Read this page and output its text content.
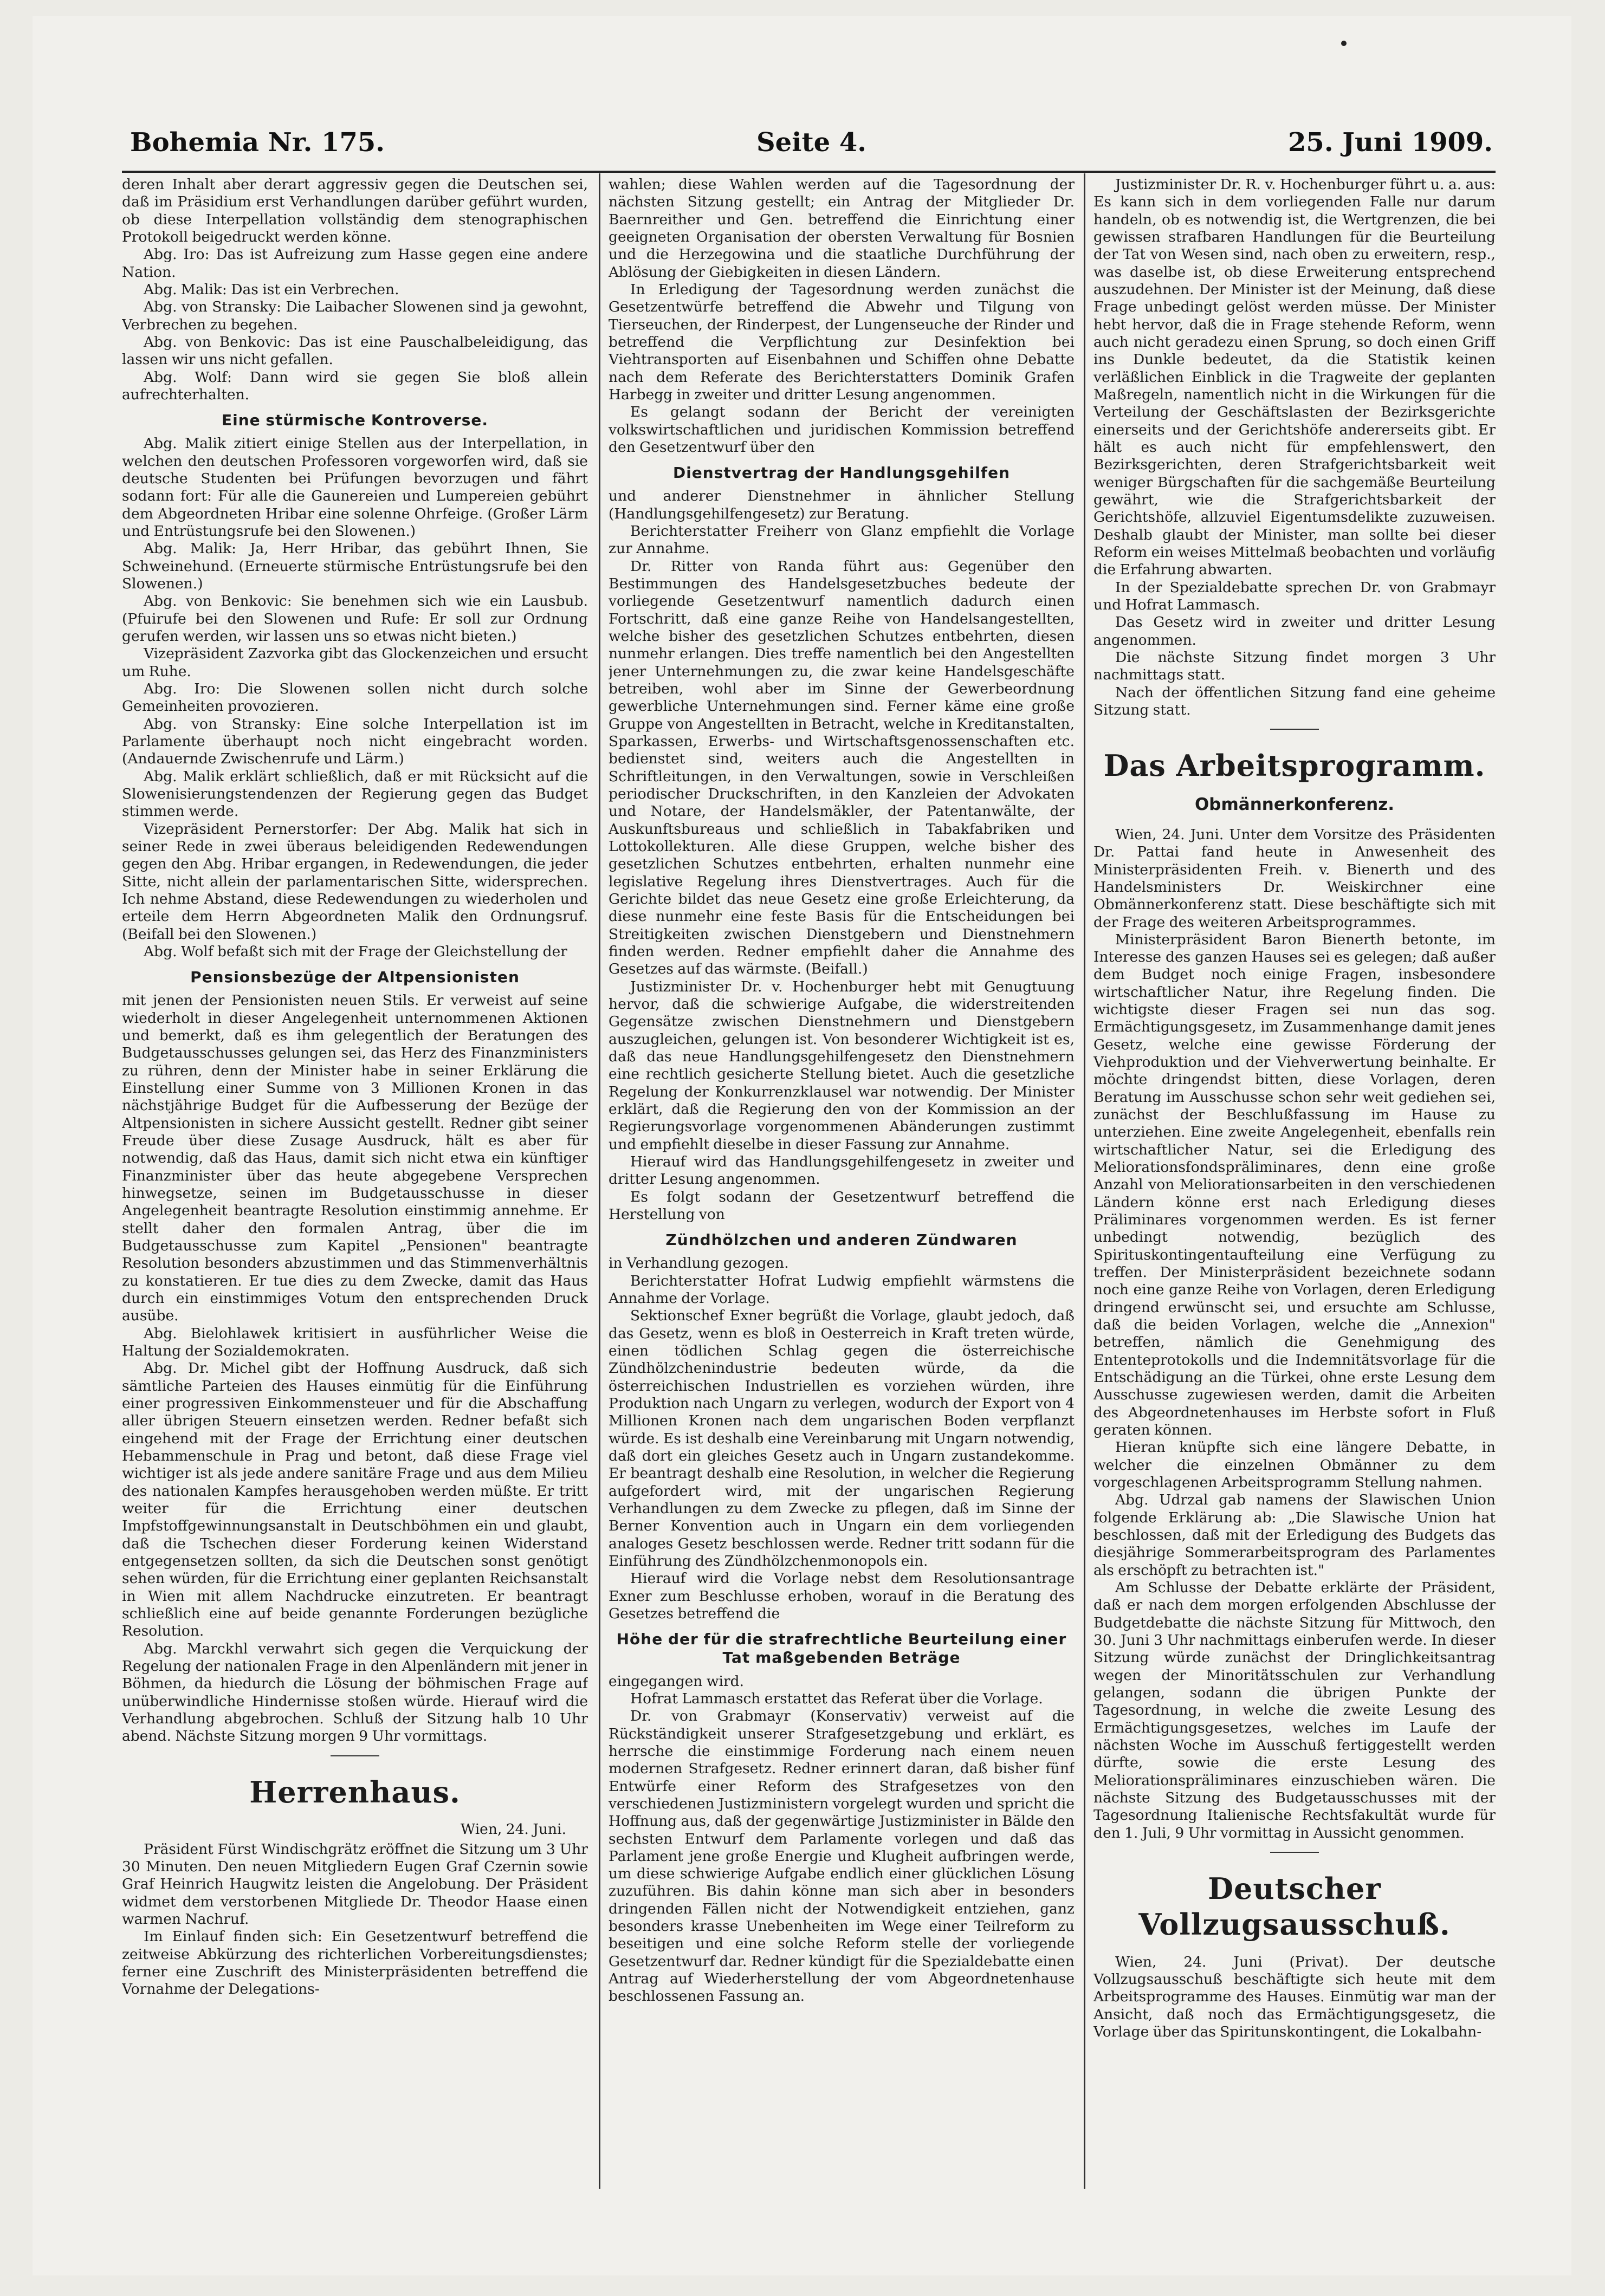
Bohemia Nr. 175.	Seite 4.	25. Juni 1909.

deren Inhalt aber derart aggressiv gegen die Deutschen sei, daß im Präsidium erst Verhandlungen darüber geführt wurden, ob diese Interpellation vollständig dem stenographischen Protokoll beigedruckt werden könne.

Abg. Iro: Das ist Aufreizung zum Hasse gegen eine andere Nation.

Abg. Malik: Das ist ein Verbrechen.

Abg. von Stransky: Die Laibacher Slowenen sind ja gewohnt, Verbrechen zu begehen.

Abg. von Benkovic: Das ist eine Pauschalbeleidigung, das lassen wir uns nicht gefallen.

Abg. Wolf: Dann wird sie gegen Sie bloß allein aufrechterhalten.

Eine stürmische Kontroverse.

Abg. Malik zitiert einige Stellen aus der Interpellation, in welchen den deutschen Professoren vorgeworfen wird, daß sie deutsche Studenten bei Prüfungen bevorzugen und fährt sodann fort: Für alle die Gaunereien und Lumpereien gebührt dem Abgeordneten Hribar eine solenne Ohrfeige. (Großer Lärm und Entrüstungsrufe bei den Slowenen.)

Abg. Malik: Ja, Herr Hribar, das gebührt Ihnen, Sie Schweinehund. (Erneuerte stürmische Entrüstungsrufe bei den Slowenen.)

Abg. von Benkovic: Sie benehmen sich wie ein Lausbub. (Pfuirufe bei den Slowenen und Rufe: Er soll zur Ordnung gerufen werden, wir lassen uns so etwas nicht bieten.)

Vizepräsident Zazvorka gibt das Glockenzeichen und ersucht um Ruhe.

Abg. Iro: Die Slowenen sollen nicht durch solche Gemeinheiten provozieren.

Abg. von Stransky: Eine solche Interpellation ist im Parlamente überhaupt noch nicht eingebracht worden. (Andauernde Zwischenrufe und Lärm.)

Abg. Malik erklärt schließlich, daß er mit Rücksicht auf die Slowenisierungstendenzen der Regierung gegen das Budget stimmen werde.

Vizepräsident Pernerstorfer: Der Abg. Malik hat sich in seiner Rede in zwei überaus beleidigenden Redewendungen gegen den Abg. Hribar ergangen, in Redewendungen, die jeder Sitte, nicht allein der parlamentarischen Sitte, widersprechen. Ich nehme Abstand, diese Redewendungen zu wiederholen und erteile dem Herrn Abgeordneten Malik den Ordnungsruf. (Beifall bei den Slowenen.)

Abg. Wolf befaßt sich mit der Frage der Gleichstellung der

Pensionsbezüge der Altpensionisten

mit jenen der Pensionisten neuen Stils. Er verweist auf seine wiederholt in dieser Angelegenheit unternommenen Aktionen und bemerkt, daß es ihm gelegentlich der Beratungen des Budgetausschusses gelungen sei, das Herz des Finanzministers zu rühren, denn der Minister habe in seiner Erklärung die Einstellung einer Summe von 3 Millionen Kronen in das nächstjährige Budget für die Aufbesserung der Bezüge der Altpensionisten in sichere Aussicht gestellt. Redner gibt seiner Freude über diese Zusage Ausdruck, hält es aber für notwendig, daß das Haus, damit sich nicht etwa ein künftiger Finanzminister über das heute abgegebene Versprechen hinwegsetze, seinen im Budgetausschusse in dieser Angelegenheit beantragte Resolution einstimmig annehme. Er stellt daher den formalen Antrag, über die im Budgetausschusse zum Kapitel „Pensionen" beantragte Resolution besonders abzustimmen und das Stimmenverhältnis zu konstatieren. Er tue dies zu dem Zwecke, damit das Haus durch ein einstimmiges Votum den entsprechenden Druck ausübe.

Abg. Bielohlawek kritisiert in ausführlicher Weise die Haltung der Sozialdemokraten.

Abg. Dr. Michel gibt der Hoffnung Ausdruck, daß sich sämtliche Parteien des Hauses einmütig für die Einführung einer progressiven Einkommensteuer und für die Abschaffung aller übrigen Steuern einsetzen werden. Redner befaßt sich eingehend mit der Frage der Errichtung einer deutschen Hebammenschule in Prag und betont, daß diese Frage viel wichtiger ist als jede andere sanitäre Frage und aus dem Milieu des nationalen Kampfes herausgehoben werden müßte. Er tritt weiter für die Errichtung einer deutschen Impfstoffgewinnungsanstalt in Deutschböhmen ein und glaubt, daß die Tschechen dieser Forderung keinen Widerstand entgegensetzen sollten, da sich die Deutschen sonst genötigt sehen würden, für die Errichtung einer geplanten Reichsanstalt in Wien mit allem Nachdrucke einzutreten. Er beantragt schließlich eine auf beide genannte Forderungen bezügliche Resolution.

Abg. Marckhl verwahrt sich gegen die Verquickung der Regelung der nationalen Frage in den Alpenländern mit jener in Böhmen, da hiedurch die Lösung der böhmischen Frage auf unüberwindliche Hindernisse stoßen würde. Hierauf wird die Verhandlung abgebrochen. Schluß der Sitzung halb 10 Uhr abend. Nächste Sitzung morgen 9 Uhr vormittags.

Herrenhaus.
Wien, 24. Juni.

Präsident Fürst Windischgrätz eröffnet die Sitzung um 3 Uhr 30 Minuten. Den neuen Mitgliedern Eugen Graf Czernin sowie Graf Heinrich Haugwitz leisten die Angelobung. Der Präsident widmet dem verstorbenen Mitgliede Dr. Theodor Haase einen warmen Nachruf.

Im Einlauf finden sich: Ein Gesetzentwurf betreffend die zeitweise Abkürzung des richterlichen Vorbereitungsdienstes; ferner eine Zuschrift des Ministerpräsidenten betreffend die Vornahme der Delegations-

wahlen; diese Wahlen werden auf die Tagesordnung der nächsten Sitzung gestellt; ein Antrag der Mitglieder Dr. Baernreither und Gen. betreffend die Einrichtung einer geeigneten Organisation der obersten Verwaltung für Bosnien und die Herzegowina und die staatliche Durchführung der Ablösung der Giebigkeiten in diesen Ländern.

In Erledigung der Tagesordnung werden zunächst die Gesetzentwürfe betreffend die Abwehr und Tilgung von Tierseuchen, der Rinderpest, der Lungenseuche der Rinder und betreffend die Verpflichtung zur Desinfektion bei Viehtransporten auf Eisenbahnen und Schiffen ohne Debatte nach dem Referate des Berichterstatters Dominik Grafen Harbegg in zweiter und dritter Lesung angenommen.

Es gelangt sodann der Bericht der vereinigten volkswirtschaftlichen und juridischen Kommission betreffend den Gesetzentwurf über den

Dienstvertrag der Handlungsgehilfen

und anderer Dienstnehmer in ähnlicher Stellung (Handlungsgehilfengesetz) zur Beratung.

Berichterstatter Freiherr von Glanz empfiehlt die Vorlage zur Annahme.

Dr. Ritter von Randa führt aus: Gegenüber den Bestimmungen des Handelsgesetzbuches bedeute der vorliegende Gesetzentwurf namentlich dadurch einen Fortschritt, daß eine ganze Reihe von Handelsangestellten, welche bisher des gesetzlichen Schutzes entbehrten, diesen nunmehr erlangen. Dies treffe namentlich bei den Angestellten jener Unternehmungen zu, die zwar keine Handelsgeschäfte betreiben, wohl aber im Sinne der Gewerbeordnung gewerbliche Unternehmungen sind. Ferner käme eine große Gruppe von Angestellten in Betracht, welche in Kreditanstalten, Sparkassen, Erwerbs- und Wirtschaftsgenossenschaften etc. bedienstet sind, weiters auch die Angestellten in Schriftleitungen, in den Verwaltungen, sowie in Verschleißen periodischer Druckschriften, in den Kanzleien der Advokaten und Notare, der Handelsmäkler, der Patentanwälte, der Auskunftsbureaus und schließlich in Tabakfabriken und Lottokollekturen. Alle diese Gruppen, welche bisher des gesetzlichen Schutzes entbehrten, erhalten nunmehr eine legislative Regelung ihres Dienstvertrages. Auch für die Gerichte bildet das neue Gesetz eine große Erleichterung, da diese nunmehr eine feste Basis für die Entscheidungen bei Streitigkeiten zwischen Dienstgebern und Dienstnehmern finden werden. Redner empfiehlt daher die Annahme des Gesetzes auf das wärmste. (Beifall.)

Justizminister Dr. v. Hochenburger hebt mit Genugtuung hervor, daß die schwierige Aufgabe, die widerstreitenden Gegensätze zwischen Dienstnehmern und Dienstgebern auszugleichen, gelungen ist. Von besonderer Wichtigkeit ist es, daß das neue Handlungsgehilfengesetz den Dienstnehmern eine rechtlich gesicherte Stellung bietet. Auch die gesetzliche Regelung der Konkurrenzklausel war notwendig. Der Minister erklärt, daß die Regierung den von der Kommission an der Regierungsvorlage vorgenommenen Abänderungen zustimmt und empfiehlt dieselbe in dieser Fassung zur Annahme.

Hierauf wird das Handlungsgehilfengesetz in zweiter und dritter Lesung angenommen.

Es folgt sodann der Gesetzentwurf betreffend die Herstellung von

Zündhölzchen und anderen Zündwaren

in Verhandlung gezogen.

Berichterstatter Hofrat Ludwig empfiehlt wärmstens die Annahme der Vorlage.

Sektionschef Exner begrüßt die Vorlage, glaubt jedoch, daß das Gesetz, wenn es bloß in Oesterreich in Kraft treten würde, einen tödlichen Schlag gegen die österreichische Zündhölzchenindustrie bedeuten würde, da die österreichischen Industriellen es vorziehen würden, ihre Produktion nach Ungarn zu verlegen, wodurch der Export von 4 Millionen Kronen nach dem ungarischen Boden verpflanzt würde. Es ist deshalb eine Vereinbarung mit Ungarn notwendig, daß dort ein gleiches Gesetz auch in Ungarn zustandekomme. Er beantragt deshalb eine Resolution, in welcher die Regierung aufgefordert wird, mit der ungarischen Regierung Verhandlungen zu dem Zwecke zu pflegen, daß im Sinne der Berner Konvention auch in Ungarn ein dem vorliegenden analoges Gesetz beschlossen werde. Redner tritt sodann für die Einführung des Zündhölzchenmonopols ein.

Hierauf wird die Vorlage nebst dem Resolutionsantrage Exner zum Beschlusse erhoben, worauf in die Beratung des Gesetzes betreffend die

Höhe der für die strafrechtliche Beurteilung einer Tat maßgebenden Beträge

eingegangen wird.

Hofrat Lammasch erstattet das Referat über die Vorlage.

Dr. von Grabmayr (Konservativ) verweist auf die Rückständigkeit unserer Strafgesetzgebung und erklärt, es herrsche die einstimmige Forderung nach einem neuen modernen Strafgesetz. Redner erinnert daran, daß bisher fünf Entwürfe einer Reform des Strafgesetzes von den verschiedenen Justizministern vorgelegt wurden und spricht die Hoffnung aus, daß der gegenwärtige Justizminister in Bälde den sechsten Entwurf dem Parlamente vorlegen und daß das Parlament jene große Energie und Klugheit aufbringen werde, um diese schwierige Aufgabe endlich einer glücklichen Lösung zuzuführen. Bis dahin könne man sich aber in besonders dringenden Fällen nicht der Notwendigkeit entziehen, ganz besonders krasse Unebenheiten im Wege einer Teilreform zu beseitigen und eine solche Reform stelle der vorliegende Gesetzentwurf dar. Redner kündigt für die Spezialdebatte einen Antrag auf Wiederherstellung der vom Abgeordnetenhause beschlossenen Fassung an.

Justizminister Dr. R. v. Hochenburger führt u. a. aus: Es kann sich in dem vorliegenden Falle nur darum handeln, ob es notwendig ist, die Wertgrenzen, die bei gewissen strafbaren Handlungen für die Beurteilung der Tat von Wesen sind, nach oben zu erweitern, resp., was daselbe ist, ob diese Erweiterung entsprechend auszudehnen. Der Minister ist der Meinung, daß diese Frage unbedingt gelöst werden müsse. Der Minister hebt hervor, daß die in Frage stehende Reform, wenn auch nicht geradezu einen Sprung, so doch einen Griff ins Dunkle bedeutet, da die Statistik keinen verläßlichen Einblick in die Tragweite der geplanten Maßregeln, namentlich nicht in die Wirkungen für die Verteilung der Geschäftslasten der Bezirksgerichte einerseits und der Gerichtshöfe andererseits gibt. Er hält es auch nicht für empfehlenswert, den Bezirksgerichten, deren Strafgerichtsbarkeit weit weniger Bürgschaften für die sachgemäße Beurteilung gewährt, wie die Strafgerichtsbarkeit der Gerichtshöfe, allzuviel Eigentumsdelikte zuzuweisen. Deshalb glaubt der Minister, man sollte bei dieser Reform ein weises Mittelmaß beobachten und vorläufig die Erfahrung abwarten.

In der Spezialdebatte sprechen Dr. von Grabmayr und Hofrat Lammasch.

Das Gesetz wird in zweiter und dritter Lesung angenommen.

Die nächste Sitzung findet morgen 3 Uhr nachmittags statt.

Nach der öffentlichen Sitzung fand eine geheime Sitzung statt.

Das Arbeitsprogramm.
Obmännerkonferenz.

Wien, 24. Juni. Unter dem Vorsitze des Präsidenten Dr. Pattai fand heute in Anwesenheit des Ministerpräsidenten Freih. v. Bienerth und des Handelsministers Dr. Weiskirchner eine Obmännerkonferenz statt. Diese beschäftigte sich mit der Frage des weiteren Arbeitsprogrammes.

Ministerpräsident Baron Bienerth betonte, im Interesse des ganzen Hauses sei es gelegen; daß außer dem Budget noch einige Fragen, insbesondere wirtschaftlicher Natur, ihre Regelung finden. Die wichtigste dieser Fragen sei nun das sog. Ermächtigungsgesetz, im Zusammenhange damit jenes Gesetz, welche eine gewisse Förderung der Viehproduktion und der Viehverwertung beinhalte. Er möchte dringendst bitten, diese Vorlagen, deren Beratung im Ausschusse schon sehr weit gediehen sei, zunächst der Beschlußfassung im Hause zu unterziehen. Eine zweite Angelegenheit, ebenfalls rein wirtschaftlicher Natur, sei die Erledigung des Meliorationsfondspräliminares, denn eine große Anzahl von Meliorationsarbeiten in den verschiedenen Ländern könne erst nach Erledigung dieses Präliminares vorgenommen werden. Es ist ferner unbedingt notwendig, bezüglich des Spirituskontingentaufteilung eine Verfügung zu treffen. Der Ministerpräsident bezeichnete sodann noch eine ganze Reihe von Vorlagen, deren Erledigung dringend erwünscht sei, und ersuchte am Schlusse, daß die beiden Vorlagen, welche die „Annexion" betreffen, nämlich die Genehmigung des Ententeprotokolls und die Indemnitätsvorlage für die Entschädigung an die Türkei, ohne erste Lesung dem Ausschusse zugewiesen werden, damit die Arbeiten des Abgeordnetenhauses im Herbste sofort in Fluß geraten können.

Hieran knüpfte sich eine längere Debatte, in welcher die einzelnen Obmänner zu dem vorgeschlagenen Arbeitsprogramm Stellung nahmen.

Abg. Udrzal gab namens der Slawischen Union folgende Erklärung ab: „Die Slawische Union hat beschlossen, daß mit der Erledigung des Budgets das diesjährige Sommerarbeitsprogram des Parlamentes als erschöpft zu betrachten ist."

Am Schlusse der Debatte erklärte der Präsident, daß er nach dem morgen erfolgenden Abschlusse der Budgetdebatte die nächste Sitzung für Mittwoch, den 30. Juni 3 Uhr nachmittags einberufen werde. In dieser Sitzung würde zunächst der Dringlichkeitsantrag wegen der Minoritätsschulen zur Verhandlung gelangen, sodann die übrigen Punkte der Tagesordnung, in welche die zweite Lesung des Ermächtigungsgesetzes, welches im Laufe der nächsten Woche im Ausschuß fertiggestellt werden dürfte, sowie die erste Lesung des Meliorationspräliminares einzuschieben wären. Die nächste Sitzung des Budgetausschusses mit der Tagesordnung Italienische Rechtsfakultät wurde für den 1. Juli, 9 Uhr vormittag in Aussicht genommen.

Deutscher Vollzugsausschuß.

Wien, 24. Juni (Privat). Der deutsche Vollzugsausschuß beschäftigte sich heute mit dem Arbeitsprogramme des Hauses. Einmütig war man der Ansicht, daß noch das Ermächtigungsgesetz, die Vorlage über das Spiritunskontingent, die Lokalbahn-
